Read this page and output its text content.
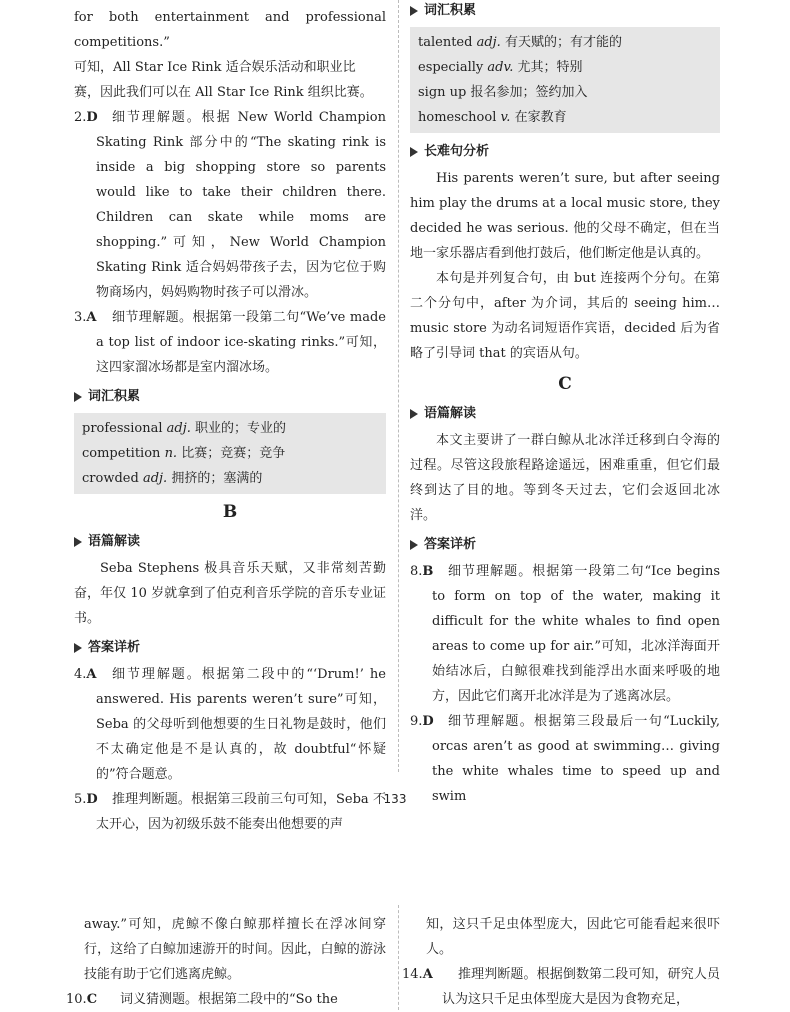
for both entertainment and professional competitions.”

可知，All Star Ice Rink 适合娱乐活动和职业比

赛，因此我们可以在 All Star Ice Rink 组织比赛。

2.D 细节理解题。根据 New World Champion Skating Rink 部分中的“The skating rink is inside a big shopping store so parents would like to take their children there. Children can skate while moms are shopping.”可知，New World Champion Skating Rink 适合妈妈带孩子去，因为它位于购物商场内，妈妈购物时孩子可以滑冰。

3.A 细节理解题。根据第一段第二句“We’ve made a top list of indoor ice-skating rinks.”可知，这四家溜冰场都是室内溜冰场。

词汇积累
professional adj. 职业的；专业的
competition n. 比赛；竞赛；竞争
crowded adj. 拥挤的；塞满的
B
语篇解读

Seba Stephens 极具音乐天赋，又非常刻苦勤奋，年仅 10 岁就拿到了伯克利音乐学院的音乐专业证书。

答案详析

4.A 细节理解题。根据第二段中的“‘Drum!’ he answered. His parents weren’t sure”可知，Seba 的父母听到他想要的生日礼物是鼓时，他们不太确定他是不是认真的，故 doubtful“怀疑的”符合题意。

5.D 推理判断题。根据第三段前三句可知，Seba 不太开心，因为初级乐鼓不能奏出他想要的声

词汇积累
talented adj. 有天赋的；有才能的
especially adv. 尤其；特别
sign up 报名参加；签约加入
homeschool v. 在家教育
长难句分析

His parents weren’t sure, but after seeing him play the drums at a local music store, they decided he was serious. 他的父母不确定，但在当地一家乐器店看到他打鼓后，他们断定他是认真的。

本句是并列复合句，由 but 连接两个分句。在第二个分句中，after 为介词，其后的 seeing him… music store 为动名词短语作宾语，decided 后为省略了引导词 that 的宾语从句。

C
语篇解读

本文主要讲了一群白鲸从北冰洋迁移到白令海的过程。尽管这段旅程路途遥远，困难重重，但它们最终到达了目的地。等到冬天过去，它们会返回北冰洋。

答案详析

8.B 细节理解题。根据第一段第二句“Ice begins to form on top of the water, making it difficult for the white whales to find open areas to come up for air.”可知，北冰洋海面开始结冰后，白鲸很难找到能浮出水面来呼吸的地方，因此它们离开北冰洋是为了逃离冰层。

9.D 细节理解题。根据第三段最后一句“Luckily, orcas aren’t as good at swimming… giving the white whales time to speed up and swim

133

away.”可知，虎鲸不像白鲸那样擅长在浮冰间穿行，这给了白鲸加速游开的时间。因此，白鲸的游泳技能有助于它们逃离虎鲸。

10.C 词义猜测题。根据第二段中的“So the

知，这只千足虫体型庞大，因此它可能看起来很吓人。

14.A 推理判断题。根据倒数第二段可知，研究人员认为这只千足虫体型庞大是因为食物充足，
